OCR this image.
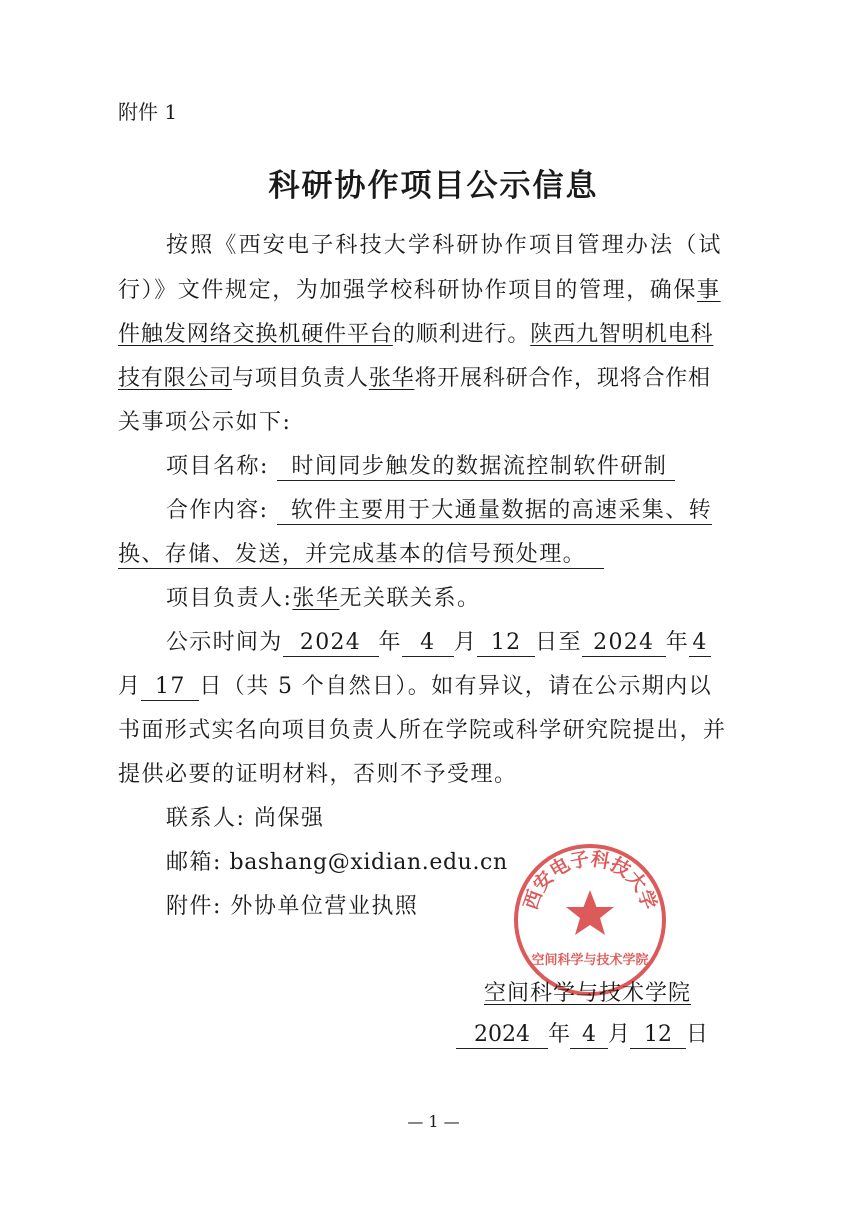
附件 1
科研协作项目公示信息
按照《西安电子科技大学科研协作项目管理办法（试
行）》文件规定，为加强学校科研协作项目的管理，确保事
件触发网络交换机硬件平台的顺利进行。陕西九智明机电科
技有限公司与项目负责人张华将开展科研合作，现将合作相
关事项公示如下:
项目名称: 时间同步触发的数据流控制软件研制
合作内容: 软件主要用于大通量数据的高速采集、转
换、存储、发送，并完成基本的信号预处理。
项目负责人:张华无关联关系。
公示时间为 2024 年 4 月 12 日至 2024 年 4
月 17 日（共 5 个自然日）。如有异议，请在公示期内以
书面形式实名向项目负责人所在学院或科学研究院提出，并
提供必要的证明材料，否则不予受理。
联系人: 尚保强
邮箱: bashang@xidian.edu.cn
附件: 外协单位营业执照	西安电子科技大学
空间科学与技术学院
空间科学与技术学院
2024 年 4 月 12 日
— 1 —
